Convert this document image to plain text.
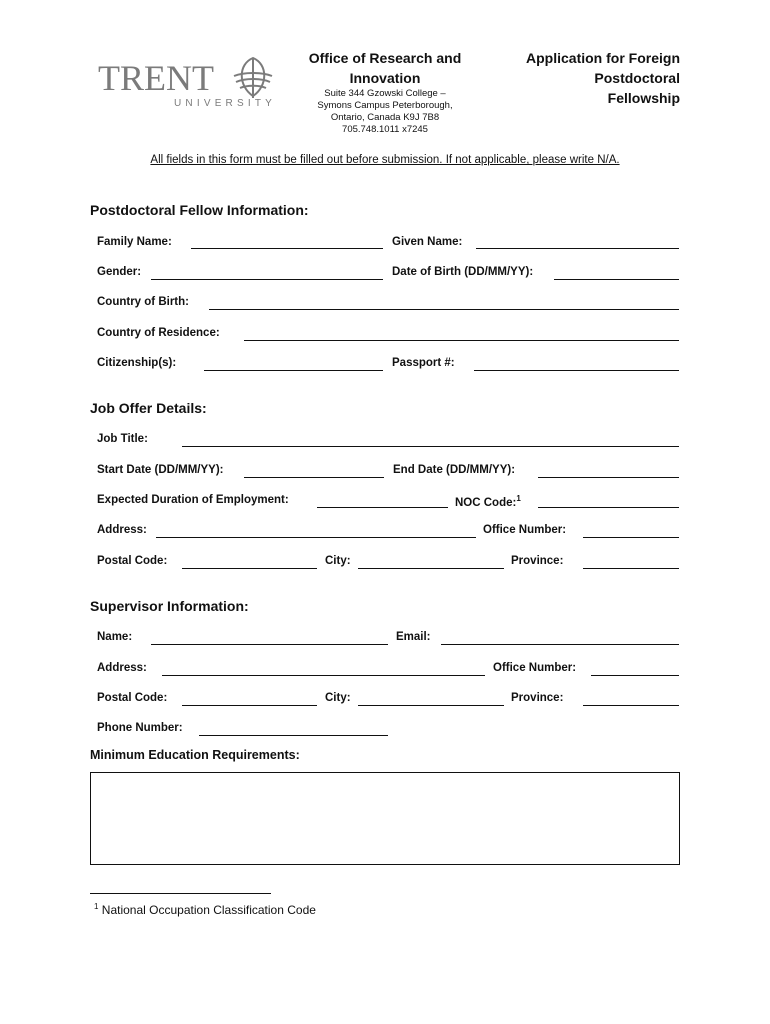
TRENT
UNIVERSITY
Office of Research and Innovation
Suite 344 Gzowski College –
Symons Campus Peterborough,
Ontario, Canada K9J 7B8
705.748.1011 x7245
Application for Foreign
Postdoctoral
Fellowship
All fields in this form must be filled out before submission. If not applicable, please write N/A.
Postdoctoral Fellow Information:
Family Name:	Given Name:
Gender:	Date of Birth (DD/MM/YY):
Country of Birth:
Country of Residence:
Citizenship(s):	Passport #:
Job Offer Details:
Job Title:
Start Date (DD/MM/YY):	End Date (DD/MM/YY):
Expected Duration of Employment:	NOC Code:$^1$
Address:	Office Number:
Postal Code:	City:	Province:
Supervisor Information:
Name:	Email:
Address:	Office Number:
Postal Code:	City:	Province:
Phone Number:
Minimum Education Requirements:
$^1$ National Occupation Classification Code
